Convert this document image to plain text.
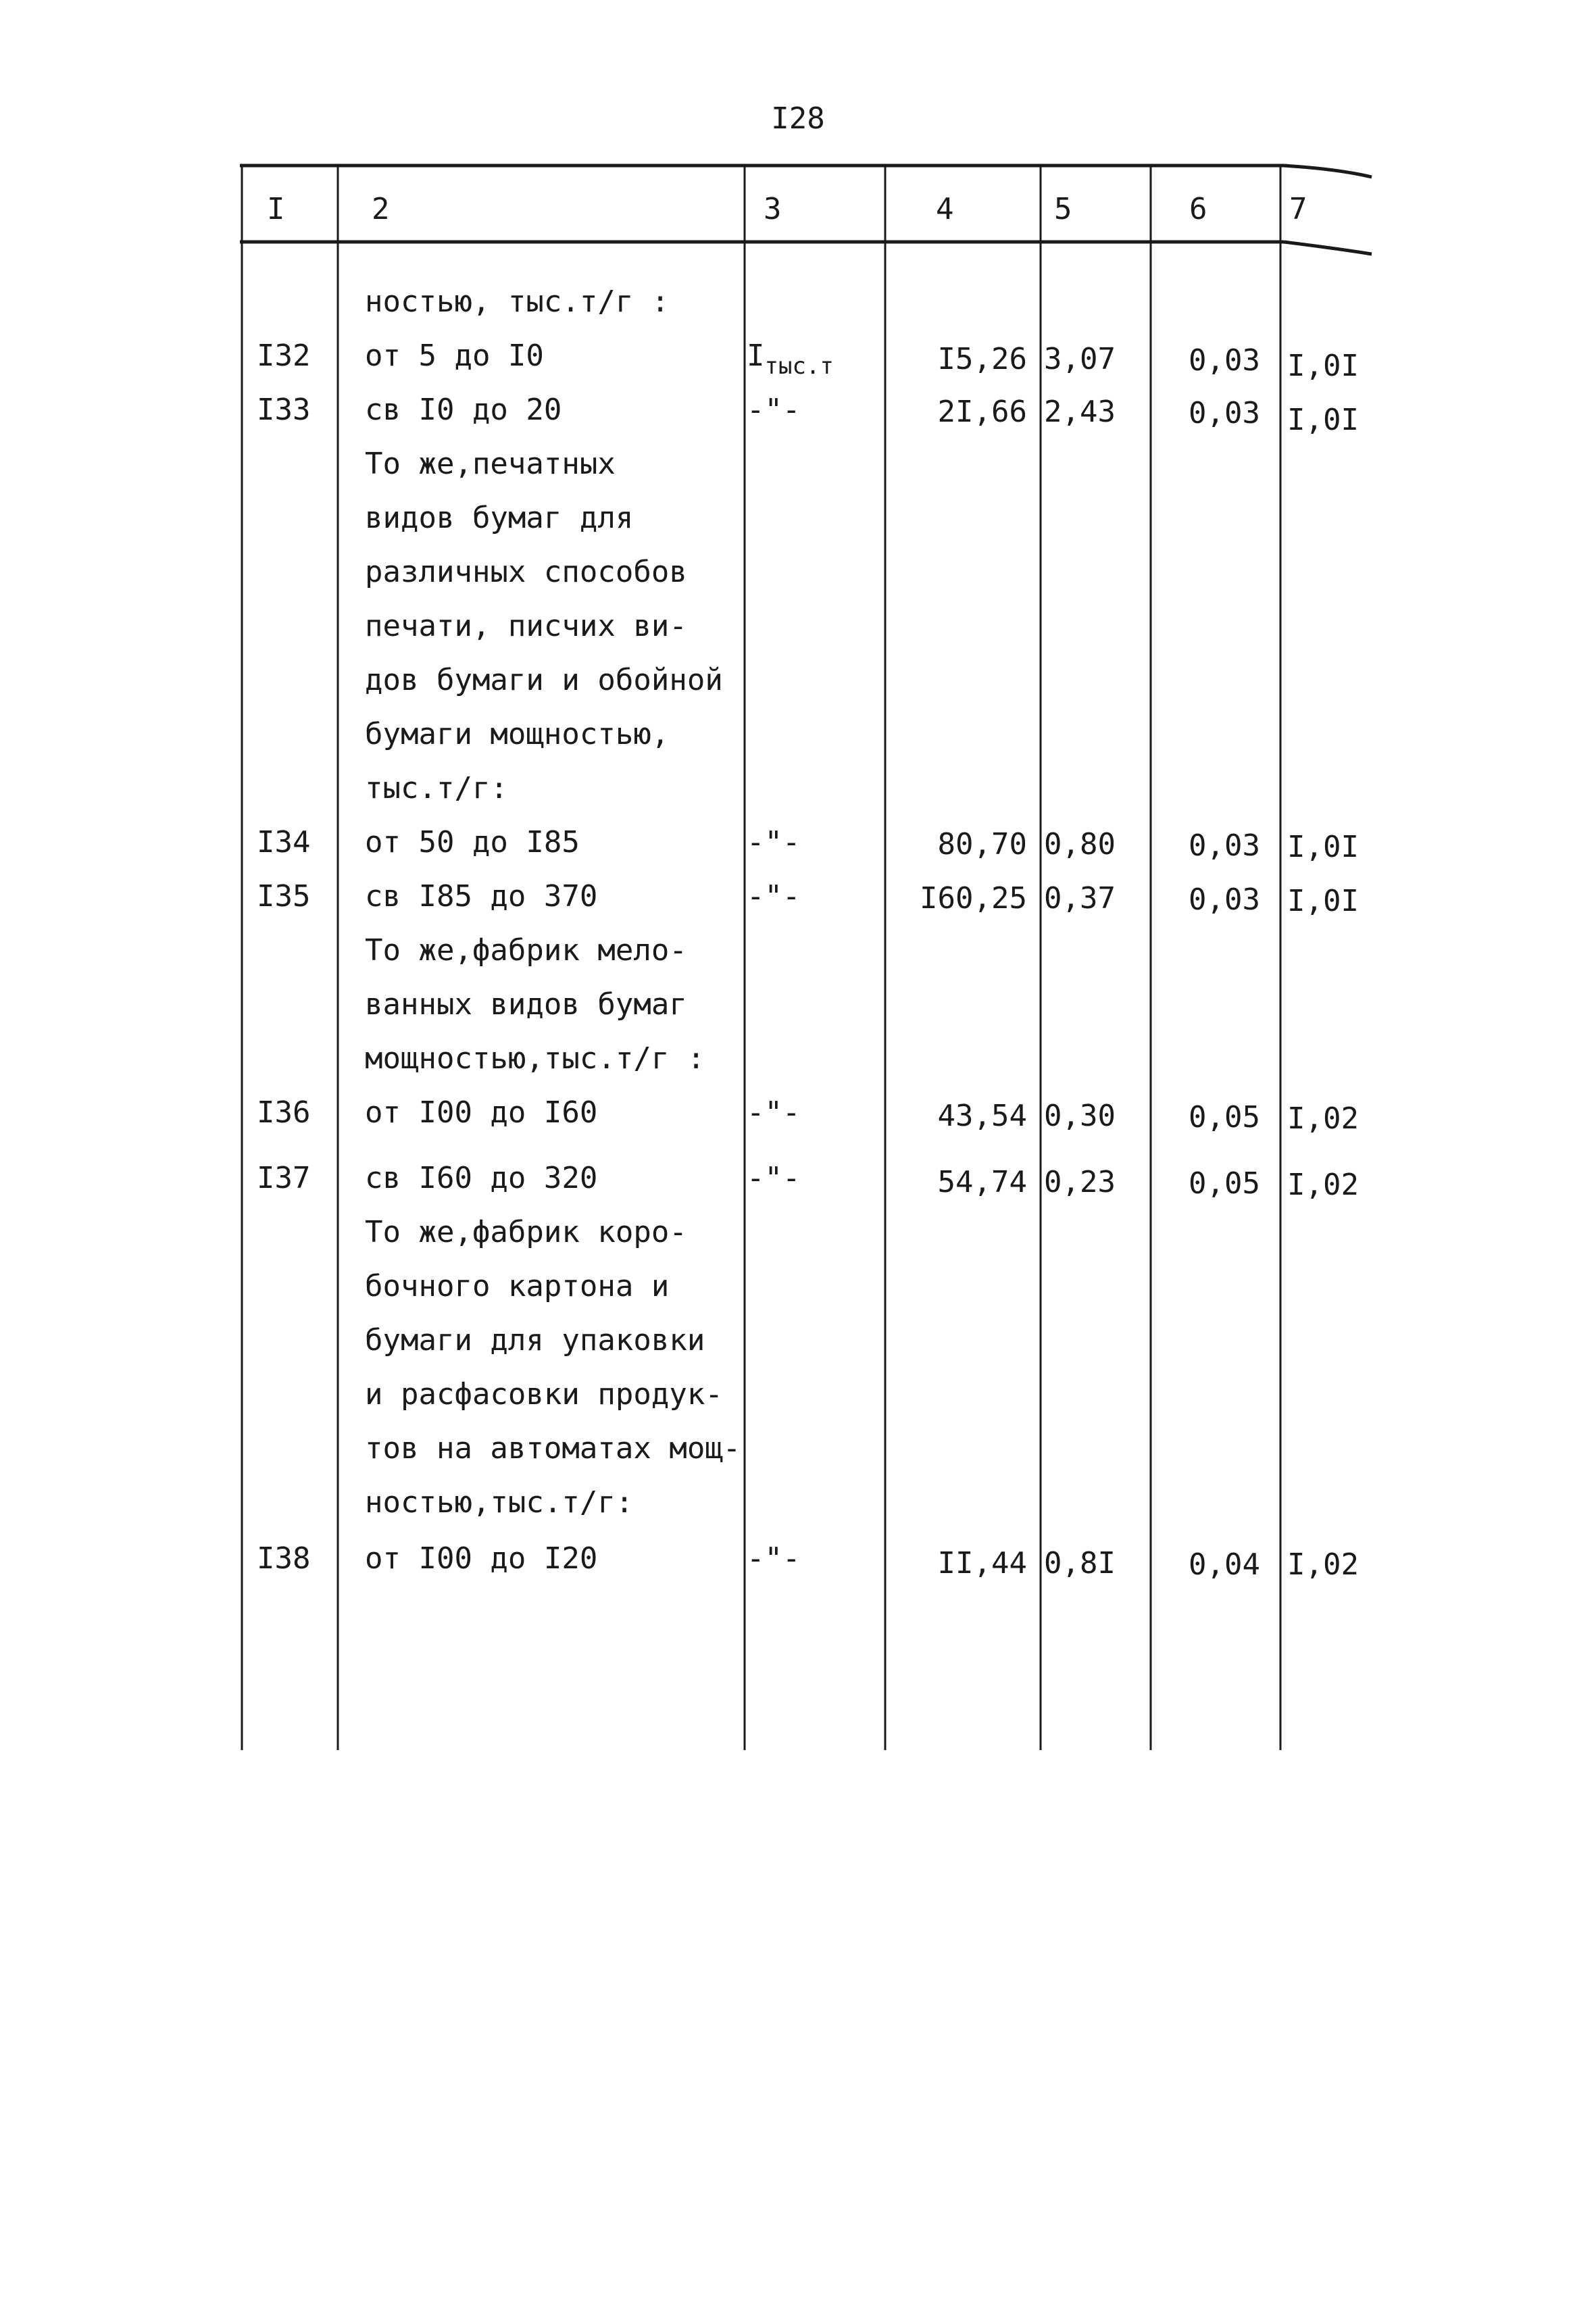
I28
I	2	3	4	5	6	7
ностью, тыс.т/г :
I32 от 5 до I0	$I_{тыс.т}$	I5,26 3,07	0,03 I,0I
I33 св I0 до 20	-"-	2I,66 2,43	0,03 I,0I
То же,печатных
видов бумаг для
различных способов
печати, писчих ви-
дов бумаги и обойной
бумаги мощностью,
тыс.т/г:
I34 от 50 до I85	-"-	80,70 0,80	0,03 I,0I
I35 св I85 до 370	-"-	I60,25 0,37	0,03 I,0I
То же,фабрик мело-
ванных видов бумаг
мощностью,тыс.т/г :
I36 от I00 до I60	-"-	43,54 0,30	0,05 I,02
I37 св I60 до 320	-"-	54,74 0,23	0,05 I,02
То же,фабрик коро-
бочного картона и
бумаги для упаковки
и расфасовки продук-
тов на автоматах мощ-
ностью,тыс.т/г:
I38 от I00 до I20	-"-	II,44 0,8I	0,04 I,02
